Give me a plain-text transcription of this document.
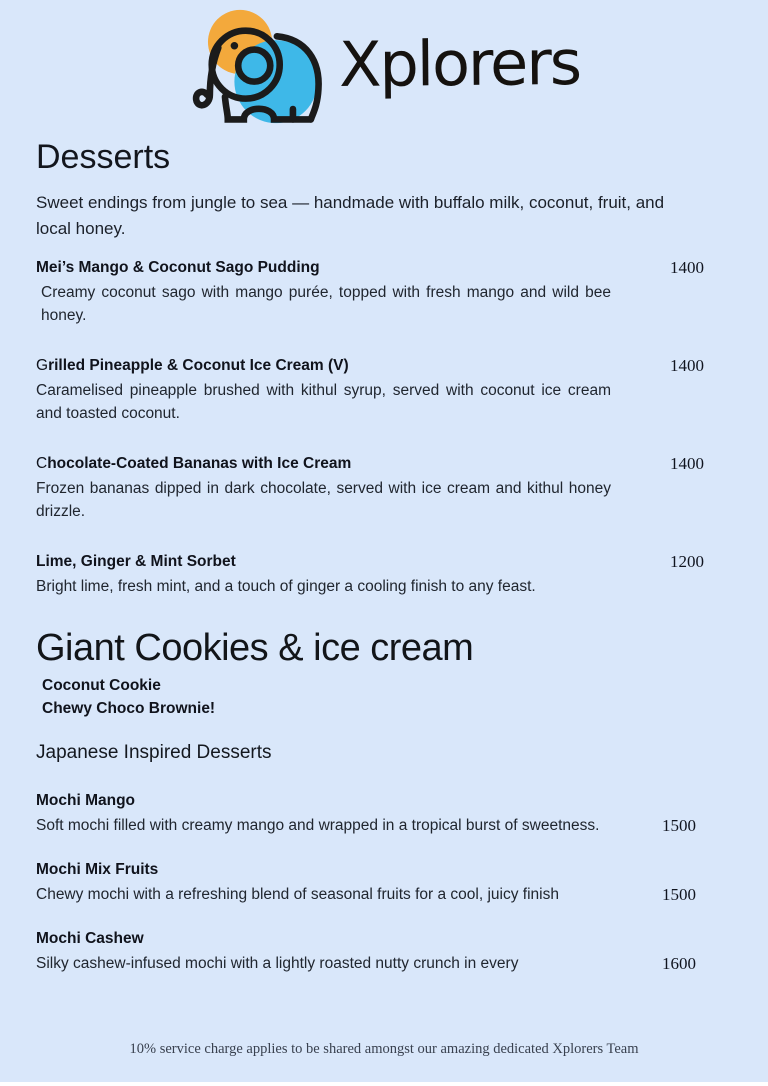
Xplorers
Desserts

Sweet endings from jungle to sea — handmade with buffalo milk, coconut, fruit, and local honey.

Mei’s Mango & Coconut Sago Pudding	1400

Creamy coconut sago with mango purée, topped with fresh mango and wild bee honey.

Grilled Pineapple & Coconut Ice Cream (V)	1400

Caramelised pineapple brushed with kithul syrup, served with coconut ice cream and toasted coconut.

Chocolate-Coated Bananas with Ice Cream	1400

Frozen bananas dipped in dark chocolate, served with ice cream and kithul honey drizzle.

Lime, Ginger & Mint Sorbet	1200

Bright lime, fresh mint, and a touch of ginger a cooling finish to any feast.

Giant Cookies & ice cream
Coconut Cookie
Chewy Choco Brownie!
Japanese Inspired Desserts
Mochi Mango
Soft mochi filled with creamy mango and wrapped in a tropical burst of sweetness.	1500
Mochi Mix Fruits
Chewy mochi with a refreshing blend of seasonal fruits for a cool, juicy finish	1500
Mochi Cashew
Silky cashew-infused mochi with a lightly roasted nutty crunch in every	1600
10% service charge applies to be shared amongst our amazing dedicated Xplorers Team
